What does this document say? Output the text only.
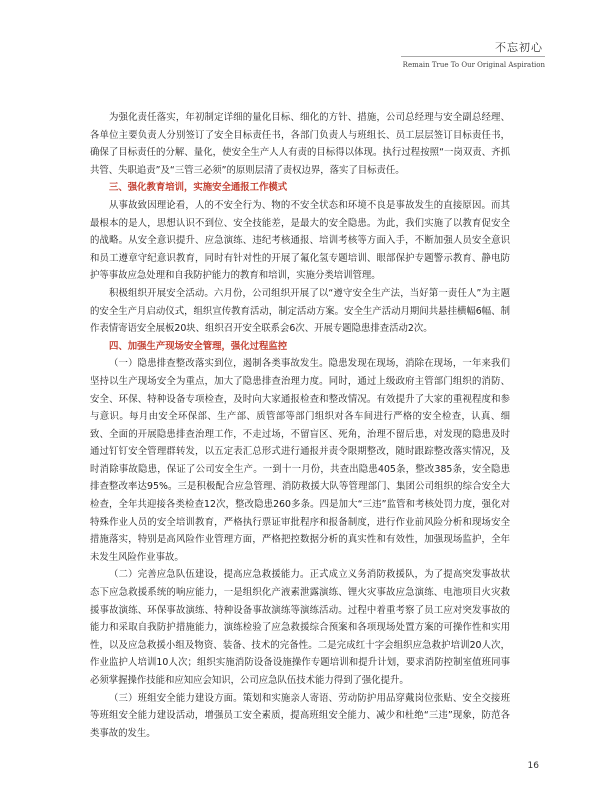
不忘初心
Remain True To Our Original Aspiration

为强化责任落实，年初制定详细的量化目标、细化的方针、措施，公司总经理与安全副总经理、各单位主要负责人分别签订了安全目标责任书，各部门负责人与班组长、员工层层签订目标责任书，确保了目标责任的分解、量化，使安全生产人人有责的目标得以体现。执行过程按照“一岗双责、齐抓共管、失职追责”及“三管三必须”的原则层清了责权边界，落实了目标责任。

三、强化教育培训，实施安全通报工作模式

从事故致因理论看，人的不安全行为、物的不安全状态和环境不良是事故发生的直接原因。而其最根本的是人，思想认识不到位、安全技能差，是最大的安全隐患。为此，我们实施了以教育促安全的战略。从安全意识提升、应急演练、违纪考核通报、培训考核等方面入手，不断加强人员安全意识和员工遵章守纪意识教育，同时有针对性的开展了氟化氢专题培训、眼部保护专题警示教育、静电防护等事故应急处理和自我防护能力的教育和培训，实施分类培训管理。

积极组织开展安全活动。六月份，公司组织开展了以“遵守安全生产法，当好第一责任人”为主题的安全生产月启动仪式，组织宣传教育活动，制定活动方案。安全生产活动月期间共悬挂横幅6幅、制作表情寄语安全展板20块、组织召开安全联系会6次、开展专题隐患排查活动2次。

四、加强生产现场安全管理，强化过程监控

（一）隐患排查整改落实到位，遏制各类事故发生。隐患发现在现场，消除在现场，一年来我们坚持以生产现场安全为重点，加大了隐患排查治理力度。同时，通过上级政府主管部门组织的消防、安全、环保、特种设备专项检查，及时向大家通报检查和整改情况。有效提升了大家的重视程度和参与意识。每月由安全环保部、生产部、质管部等部门组织对各车间进行严格的安全检查，认真、细致、全面的开展隐患排查治理工作，不走过场，不留盲区、死角，治理不留后患，对发现的隐患及时通过钉钉安全管理群转发，以五定表汇总形式进行通报并责令限期整改，随时跟踪整改落实情况，及时消除事故隐患，保证了公司安全生产。一到十一月份，共查出隐患405条，整改385条，安全隐患排查整改率达95%。三是积极配合应急管理、消防救援大队等管理部门、集团公司组织的综合安全大检查，全年共迎接各类检查12次，整改隐患260多条。四是加大“三违”监管和考核处罚力度，强化对特殊作业人员的安全培训教育，严格执行票证审批程序和报备制度，进行作业前风险分析和现场安全措施落实，特别是高风险作业管理方面，严格把控数据分析的真实性和有效性，加强现场监护，全年未发生风险作业事故。

（二）完善应急队伍建设，提高应急救援能力。正式成立义务消防救援队，为了提高突发事故状态下应急救援系统的响应能力，一是组织化产液素泄露演练、锂火灾事故应急演练、电池项目火灾救援事故演练、环保事故演练、特种设备事故演练等演练活动。过程中着重考察了员工应对突发事故的能力和采取自我防护措施能力，演练检验了应急救援综合预案和各项现场处置方案的可操作性和实用性，以及应急救援小组及物资、装备、技术的完备性。二是完成红十字会组织应急救护培训20人次，作业监护人培训10人次；组织实施消防设备设施操作专题培训和提升计划，要求消防控制室值班同事必须掌握操作技能和应知应会知识，公司应急队伍技术能力得到了强化提升。

（三）班组安全能力建设方面。策划和实施亲人寄语、劳动防护用品穿戴岗位张贴、安全交接班等班组安全能力建设活动，增强员工安全素质，提高班组安全能力、减少和杜绝“三违”现象，防范各类事故的发生。

16
